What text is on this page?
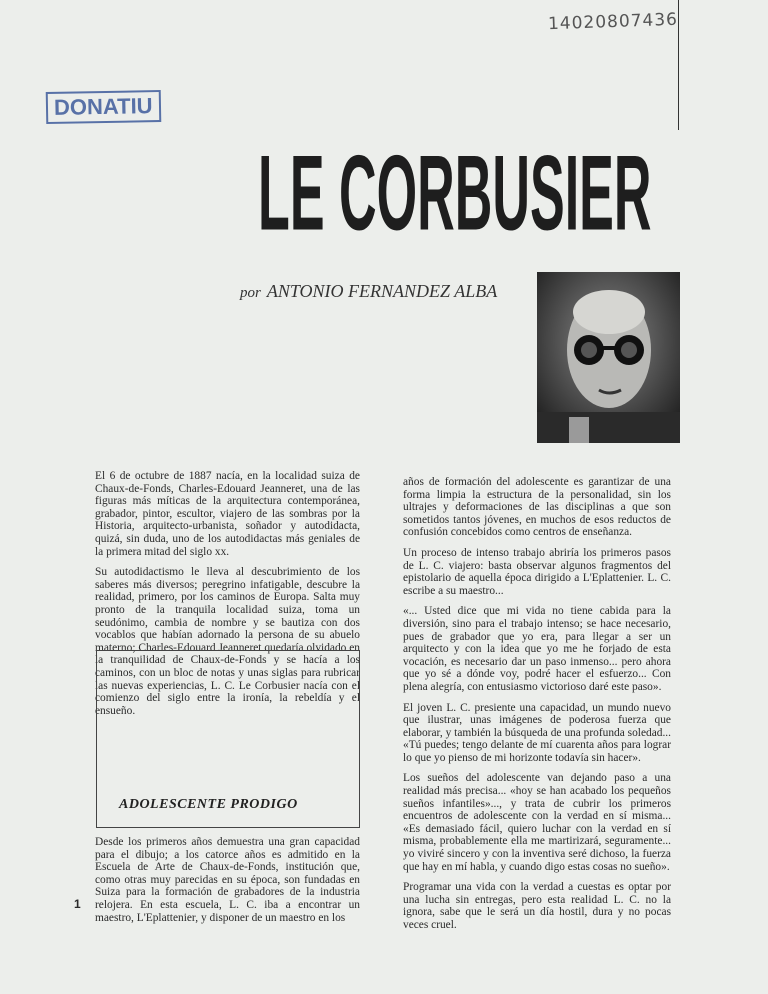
14020807436
DONATIU
LE CORBUSIER
por ANTONIO FERNANDEZ ALBA

El 6 de octubre de 1887 nacía, en la localidad suiza de Chaux-de-Fonds, Charles-Edouard Jeanneret, una de las figuras más míticas de la arquitectura contemporánea, grabador, pintor, escultor, viajero de las sombras por la Historia, arquitecto-urbanista, soñador y autodidacta, quizá, sin duda, uno de los autodidactas más geniales de la primera mitad del siglo xx.

Su autodidactismo le lleva al descubrimiento de los saberes más diversos; peregrino infatigable, descubre la realidad, primero, por los caminos de Europa. Salta muy pronto de la tranquila localidad suiza, toma un seudónimo, cambia de nombre y se bautiza con dos vocablos que habían adornado la persona de su abuelo materno; Charles-Edouard Jeanneret quedaría olvidado en la tranquilidad de Chaux-de-Fonds y se hacía a los caminos, con un bloc de notas y unas siglas para rubricar las nuevas experiencias, L. C. Le Corbusier nacía con el comienzo del siglo entre la ironía, la rebeldía y el ensueño.

ADOLESCENTE PRODIGO

Desde los primeros años demuestra una gran capacidad para el dibujo; a los catorce años es admitido en la Escuela de Arte de Chaux-de-Fonds, institución que, como otras muy parecidas en su época, son fundadas en Suiza para la formación de grabadores de la industria relojera. En esta escuela, L. C. iba a encontrar un maestro, L'Eplattenier, y disponer de un maestro en los

1

años de formación del adolescente es garantizar de una forma limpia la estructura de la personalidad, sin los ultrajes y deformaciones de las disciplinas a que son sometidos tantos jóvenes, en muchos de esos reductos de confusión concebidos como centros de enseñanza.

Un proceso de intenso trabajo abriría los primeros pasos de L. C. viajero: basta observar algunos fragmentos del epistolario de aquella época dirigido a L'Eplattenier. L. C. escribe a su maestro...

«... Usted dice que mi vida no tiene cabida para la diversión, sino para el trabajo intenso; se hace necesario, pues de grabador que yo era, para llegar a ser un arquitecto y con la idea que yo me he forjado de esta vocación, es necesario dar un paso inmenso... pero ahora que yo sé a dónde voy, podré hacer el esfuerzo... Con plena alegría, con entusiasmo victorioso daré este paso».

El joven L. C. presiente una capacidad, un mundo nuevo que ilustrar, unas imágenes de poderosa fuerza que elaborar, y también la búsqueda de una profunda soledad... «Tú puedes; tengo delante de mí cuarenta años para lograr lo que yo pienso de mi horizonte todavía sin hacer».

Los sueños del adolescente van dejando paso a una realidad más precisa... «hoy se han acabado los pequeños sueños infantiles»..., y trata de cubrir los primeros encuentros de adolescente con la verdad en sí misma... «Es demasiado fácil, quiero luchar con la verdad en sí misma, probablemente ella me martirizará, seguramente... yo viviré sincero y con la inventiva seré dichoso, la fuerza que hay en mí habla, y cuando digo estas cosas no sueño».

Programar una vida con la verdad a cuestas es optar por una lucha sin entregas, pero esta realidad L. C. no la ignora, sabe que le será un día hostil, dura y no pocas veces cruel.
